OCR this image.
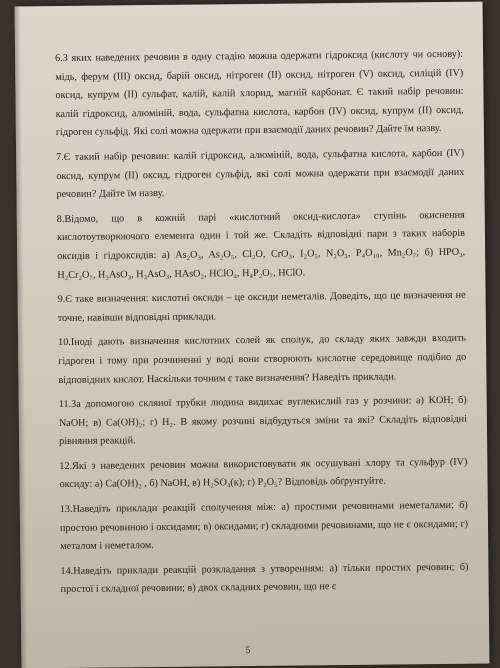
6.З яких наведених речовин в одну стадію можна одержати гідроксид (кислоту чи основу): мідь, ферум (III) оксид, барій оксид, нітроген (II) оксид, нітроген (V) оксид, силіцій (IV) оксид, купрум (II) сульфат, калій, калій хлорид, магній карбонат. Є такий набір речовин: калій гідроксид, алюміній, вода, сульфатна кислота, карбон (IV) оксид, купрум (II) оксид, гідроген сульфід. Які солі можна одержати при взаємодії даних речовин? Дайте їм назву.

7.Є такий набір речовин: калій гідроксид, алюміній, вода, сульфатна кислота, карбон (IV) оксид, купрум (II) оксид, гідроген сульфід, які солі можна одержати при взаємодії даних речовин? Дайте їм назву.

8.Відомо, що в кожній парі «кислотний оксид-кислота» ступінь окиснення кислотоутворюючого елемента один і той же. Складіть відповідні пари з таких наборів оксидів і гідроксидів: а) As₂O₃, As₂O₅, Cl₂O, CrO₃, I₂O₅, N₂O₃, P₄O₁₀, Mn₂O₇; б) HPO₃, H₂Cr₂O₇, H₃AsO₃, H₃AsO₃, HAsO₂, HClO₄, H₄P₂O₇, HClO.

9.Є таке визначення: кислотні оксиди – це оксиди неметалів. Доведіть, що це визначення не точне, навівши відповідні приклади.

10.Іноді дають визначення кислотних солей як сполук, до складу яких завжди входить гідроген і тому при розчиненні у воді вони створюють кислотне середовище подібно до відповідних кислот. Наскільки точним є таке визначення? Наведіть приклади.

11.За допомогою скляної трубки людина видихає вуглекислий газ у розчини: а) KOH; б) NaOH; в) Ca(OH)₂; г) H₂. В якому розчині відбудуться зміни та які? Складіть відповідні рівняння реакцій.

12.Які з наведених речовин можна використовувати як осушувані хлору та сульфур (IV) оксиду: а) Ca(OH)₂ , б) NaOH, в) H₂SO₄(к); г) P₂O₅? Відповідь обґрунтуйте.

13.Наведіть приклади реакцій сполучення між: а) простими речовинами неметалами; б) простою речовиною і оксидами; в) оксидами; г) складними речовинами, що не є оксидами; г) металом і неметалом.

14.Наведіть приклади реакцій розкладання з утворенням: а) тільки простих речовин; б) простої і складної речовини; в) двох складних речовин, що не є

5
